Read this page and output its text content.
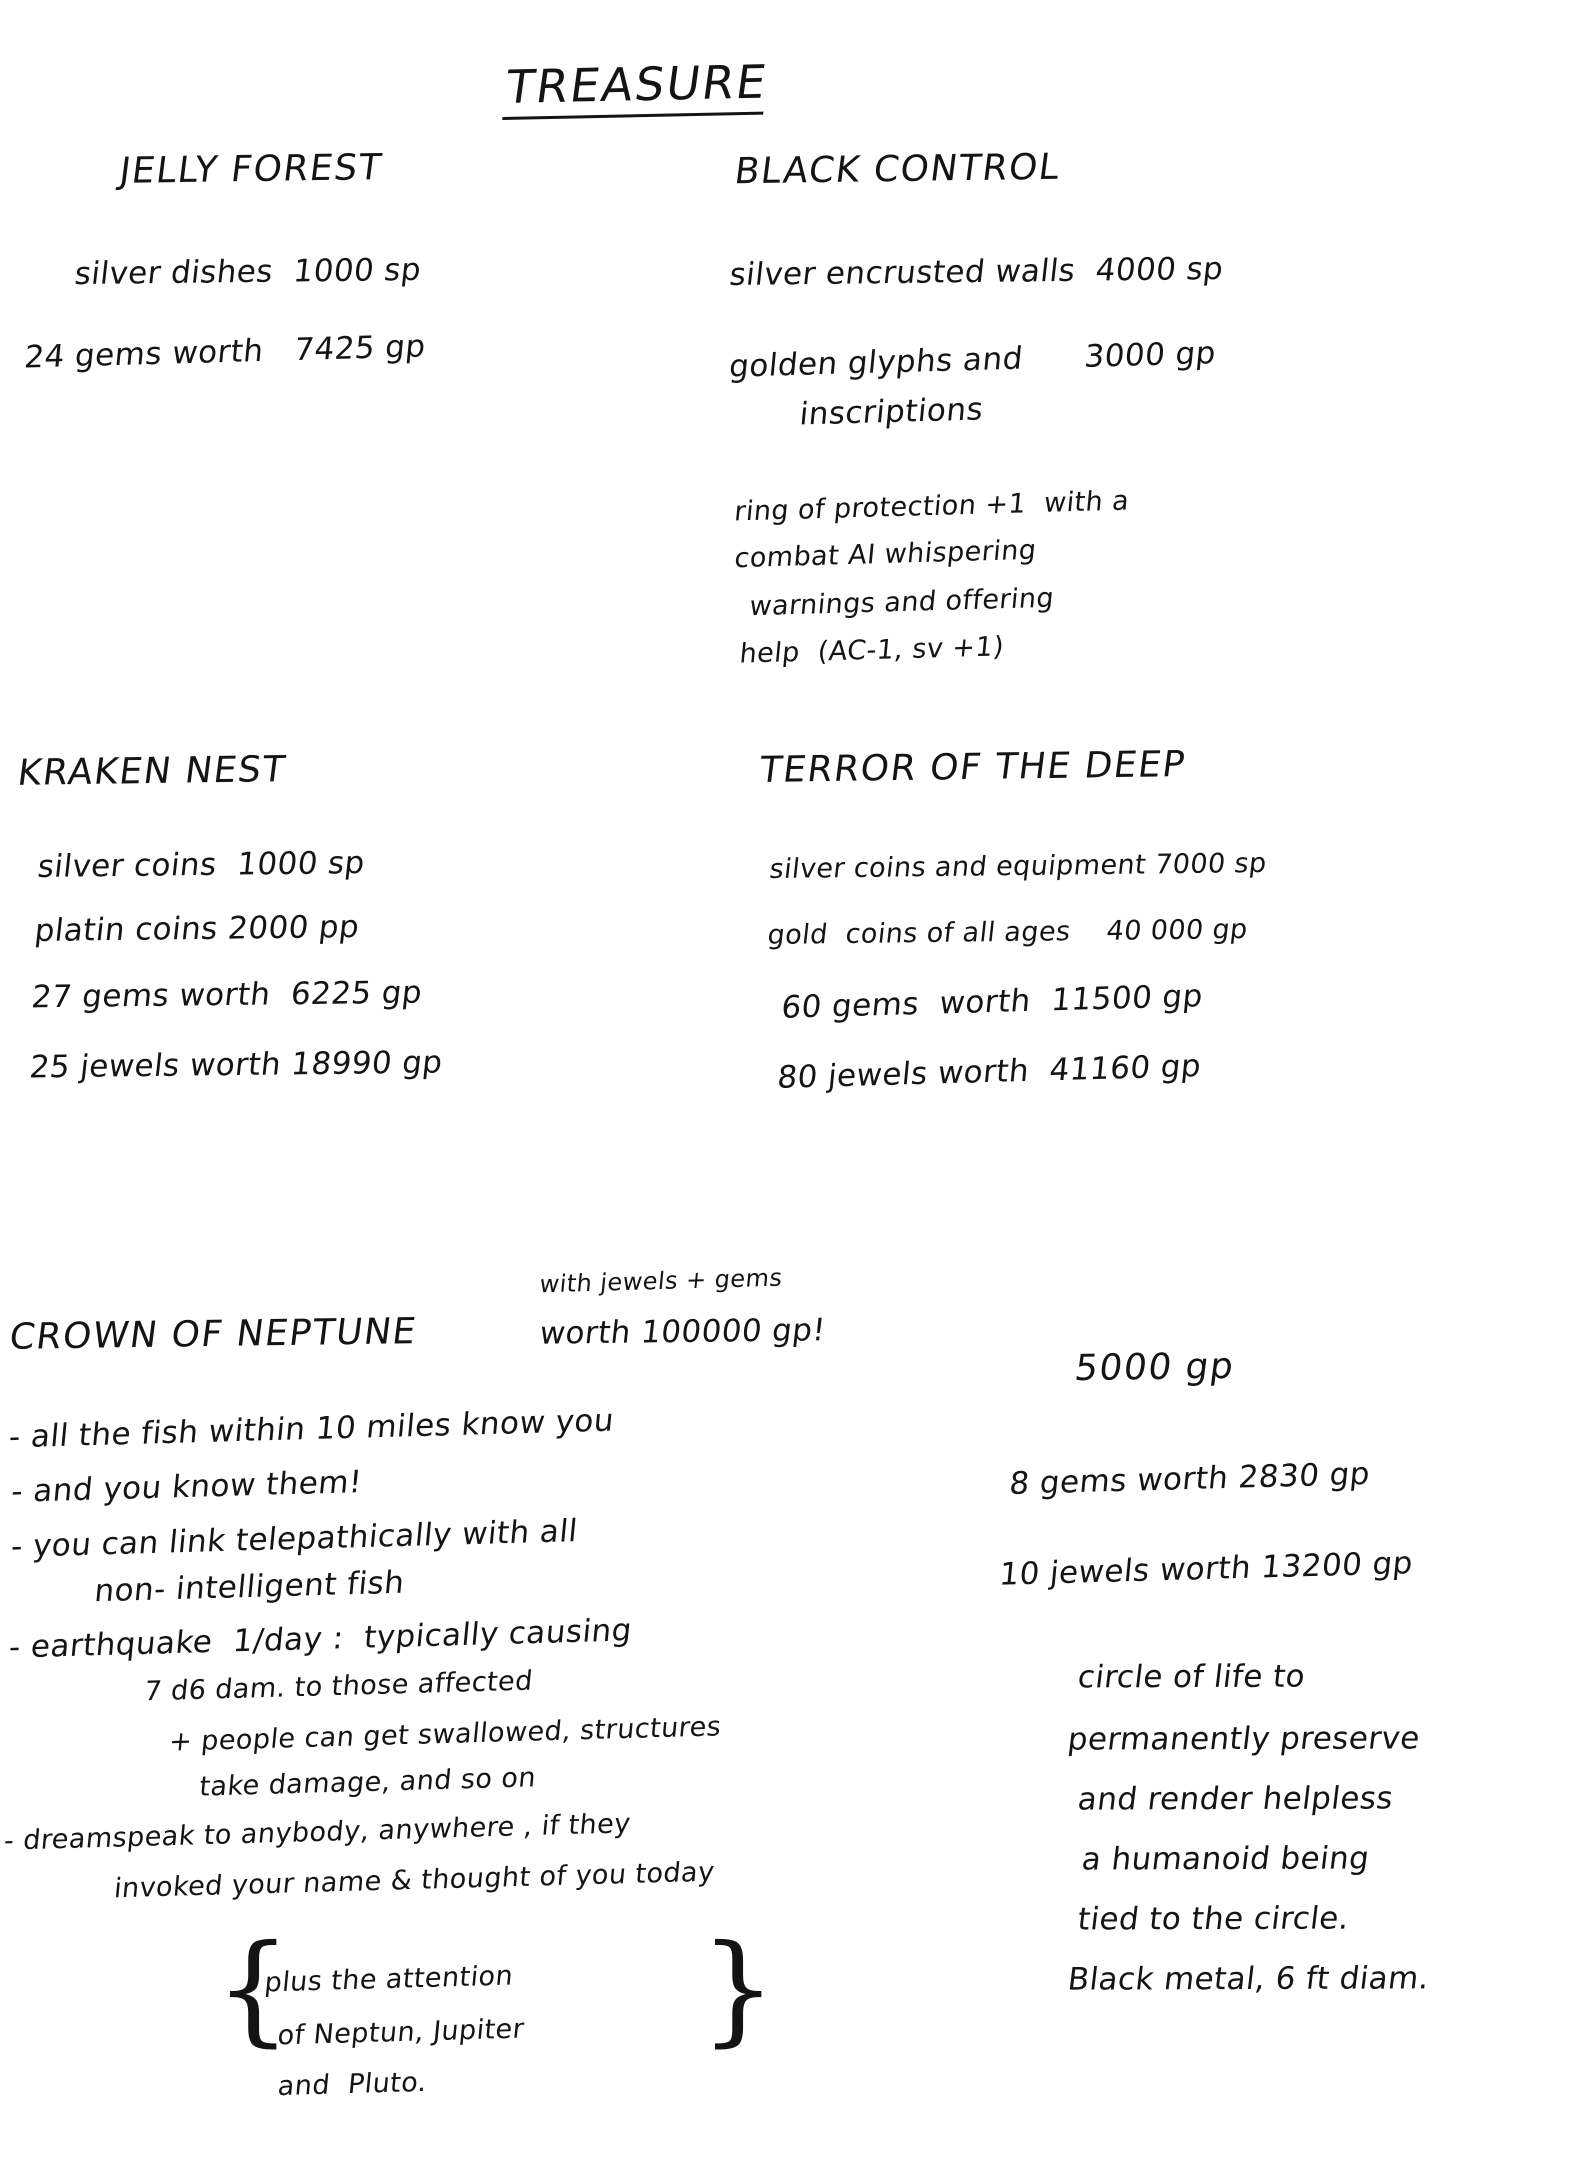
TREASURE

JELLY FOREST
silver dishes  1000 sp
24 gems worth   7425 gp
BLACK CONTROL
silver encrusted walls  4000 sp
golden glyphs and      3000 gp
inscriptions
ring of protection +1  with a
combat AI whispering
warnings and offering
help  (AC-1, sv +1)
KRAKEN NEST
silver coins  1000 sp
platin coins 2000 pp
27 gems worth  6225 gp
25 jewels worth 18990 gp
TERROR OF THE DEEP
silver coins and equipment 7000 sp
gold  coins of all ages    40 000 gp
60 gems  worth  11500 gp
80 jewels worth  41160 gp
with jewels + gems
CROWN OF NEPTUNE	worth 100000 gp!
- all the fish within 10 miles know you
- and you know them!
- you can link telepathically with all
non- intelligent fish
- earthquake  1/day :  typically causing
7 d6 dam. to those affected
+ people can get swallowed, structures
take damage, and so on
- dreamspeak to anybody, anywhere , if they
invoked your name & thought of you today
{	}
plus the attention
of Neptun, Jupiter
and  Pluto.
5000 gp
8 gems worth 2830 gp
10 jewels worth 13200 gp
circle of life to
permanently preserve
and render helpless
a humanoid being
tied to the circle.
Black metal, 6 ft diam.
